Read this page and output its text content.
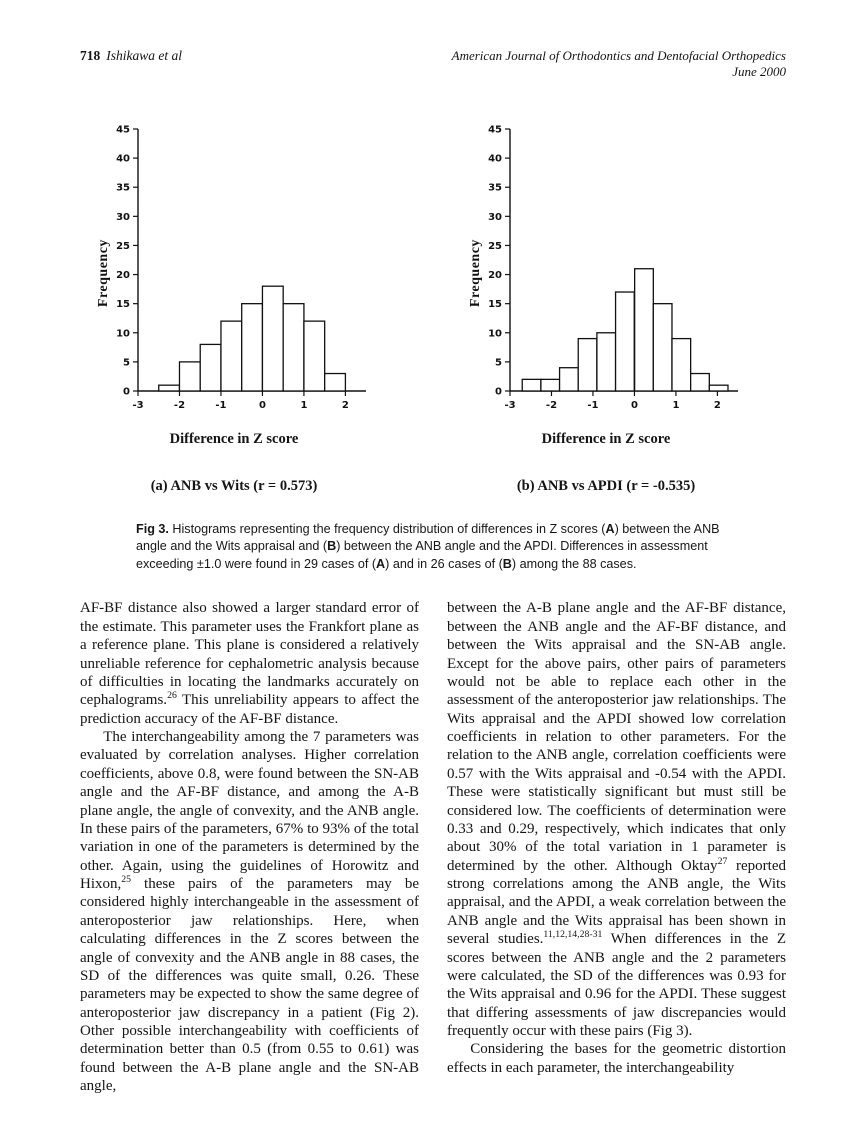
718 Ishikawa et al	American Journal of Orthodontics and Dentofacial Orthopedics
June 2000
0
5
10
15
20
25
30
35
40
45
-3	-2	-1	0	1	2
Frequency
Difference in Z score
(a) ANB vs Wits (r = 0.573)
0
5
10
15
20
25
30
35
40
45
-3	-2	-1	0	1	2
Frequency
Difference in Z score
(b) ANB vs APDI (r = -0.535)
Fig 3. Histograms representing the frequency distribution of differences in Z scores (A) between the ANB angle and the Wits appraisal and (B) between the ANB angle and the APDI. Differences in assessment exceeding ±1.0 were found in 29 cases of (A) and in 26 cases of (B) among the 88 cases.

AF-BF distance also showed a larger standard error of the estimate. This parameter uses the Frankfort plane as a reference plane. This plane is considered a relatively unreliable reference for cephalometric analysis because of difficulties in locating the landmarks accurately on cephalograms.$^{26}$ This unreliability appears to affect the prediction accuracy of the AF-BF distance.

The interchangeability among the 7 parameters was evaluated by correlation analyses. Higher correlation coefficients, above 0.8, were found between the SN-AB angle and the AF-BF distance, and among the A-B plane angle, the angle of convexity, and the ANB angle. In these pairs of the parameters, 67% to 93% of the total variation in one of the parameters is determined by the other. Again, using the guidelines of Horowitz and Hixon,$^{25}$ these pairs of the parameters may be considered highly interchangeable in the assessment of anteroposterior jaw relationships. Here, when calculating differences in the Z scores between the angle of convexity and the ANB angle in 88 cases, the SD of the differences was quite small, 0.26. These parameters may be expected to show the same degree of anteroposterior jaw discrepancy in a patient (Fig 2). Other possible interchangeability with coefficients of determination better than 0.5 (from 0.55 to 0.61) was found between the A-B plane angle and the SN-AB angle,

between the A-B plane angle and the AF-BF distance, between the ANB angle and the AF-BF distance, and between the Wits appraisal and the SN-AB angle. Except for the above pairs, other pairs of parameters would not be able to replace each other in the assessment of the anteroposterior jaw relationships. The Wits appraisal and the APDI showed low correlation coefficients in relation to other parameters. For the relation to the ANB angle, correlation coefficients were 0.57 with the Wits appraisal and -0.54 with the APDI. These were statistically significant but must still be considered low. The coefficients of determination were 0.33 and 0.29, respectively, which indicates that only about 30% of the total variation in 1 parameter is determined by the other. Although Oktay$^{27}$ reported strong correlations among the ANB angle, the Wits appraisal, and the APDI, a weak correlation between the ANB angle and the Wits appraisal has been shown in several studies.$^{11,12,14,28-31}$ When differences in the Z scores between the ANB angle and the 2 parameters were calculated, the SD of the differences was 0.93 for the Wits appraisal and 0.96 for the APDI. These suggest that differing assessments of jaw discrepancies would frequently occur with these pairs (Fig 3).

Considering the bases for the geometric distortion effects in each parameter, the interchangeability
